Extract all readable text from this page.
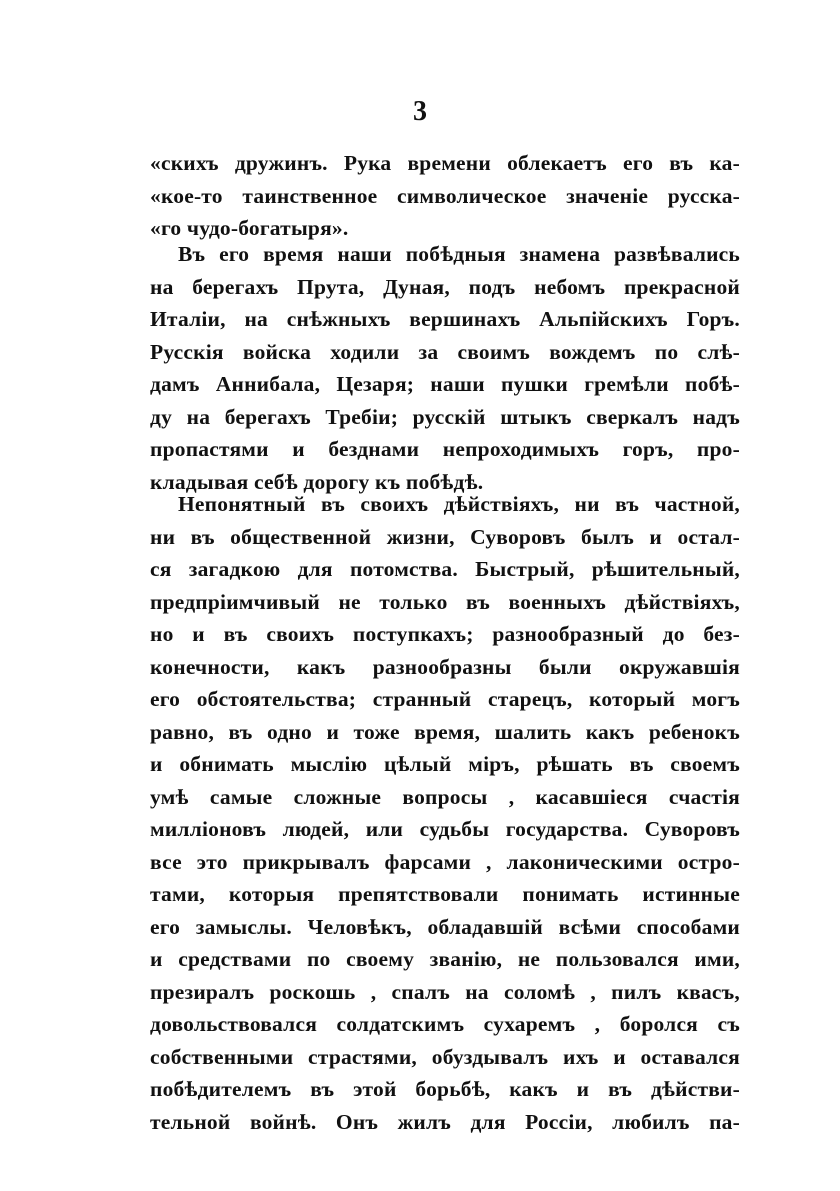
3
«скихъ дружинъ. Рука времени облекаетъ его въ ка-
«кое-то таинственное символическое значеніе русска-
«го чудо-богатыря».
Въ его время наши побѣдныя знамена развѣвались
на берегахъ Прута, Дуная, подъ небомъ прекрасной
Италіи, на снѣжныхъ вершинахъ Альпійскихъ Горъ.
Русскія войска ходили за своимъ вождемъ по слѣ-
дамъ Аннибала, Цезаря; наши пушки гремѣли побѣ-
ду на берегахъ Требіи; русскій штыкъ сверкалъ надъ
пропастями и безднами непроходимыхъ горъ, про-
кладывая себѣ дорогу къ побѣдѣ.
Непонятный въ своихъ дѣйствіяхъ, ни въ частной,
ни въ общественной жизни, Суворовъ былъ и остал-
ся загадкою для потомства. Быстрый, рѣшительный,
предпріимчивый не только въ военныхъ дѣйствіяхъ,
но и въ своихъ поступкахъ; разнообразный до без-
конечности, какъ разнообразны были окружавшія
его обстоятельства; странный старецъ, который могъ
равно, въ одно и тоже время, шалить какъ ребенокъ
и обнимать мыслію цѣлый міръ, рѣшать въ своемъ
умѣ самые сложные вопросы , касавшіеся счастія
милліоновъ людей, или судьбы государства. Суворовъ
все это прикрывалъ фарсами , лаконическими остро-
тами, которыя препятствовали понимать истинные
его замыслы. Человѣкъ, обладавшій всѣми способами
и средствами по своему званію, не пользовался ими,
презиралъ роскошь , спалъ на соломѣ , пилъ квасъ,
довольствовался солдатскимъ сухаремъ , боролся съ
собственными страстями, обуздывалъ ихъ и оставался
побѣдителемъ въ этой борьбѣ, какъ и въ дѣйстви-
тельной войнѣ. Онъ жилъ для Россіи, любилъ па-
